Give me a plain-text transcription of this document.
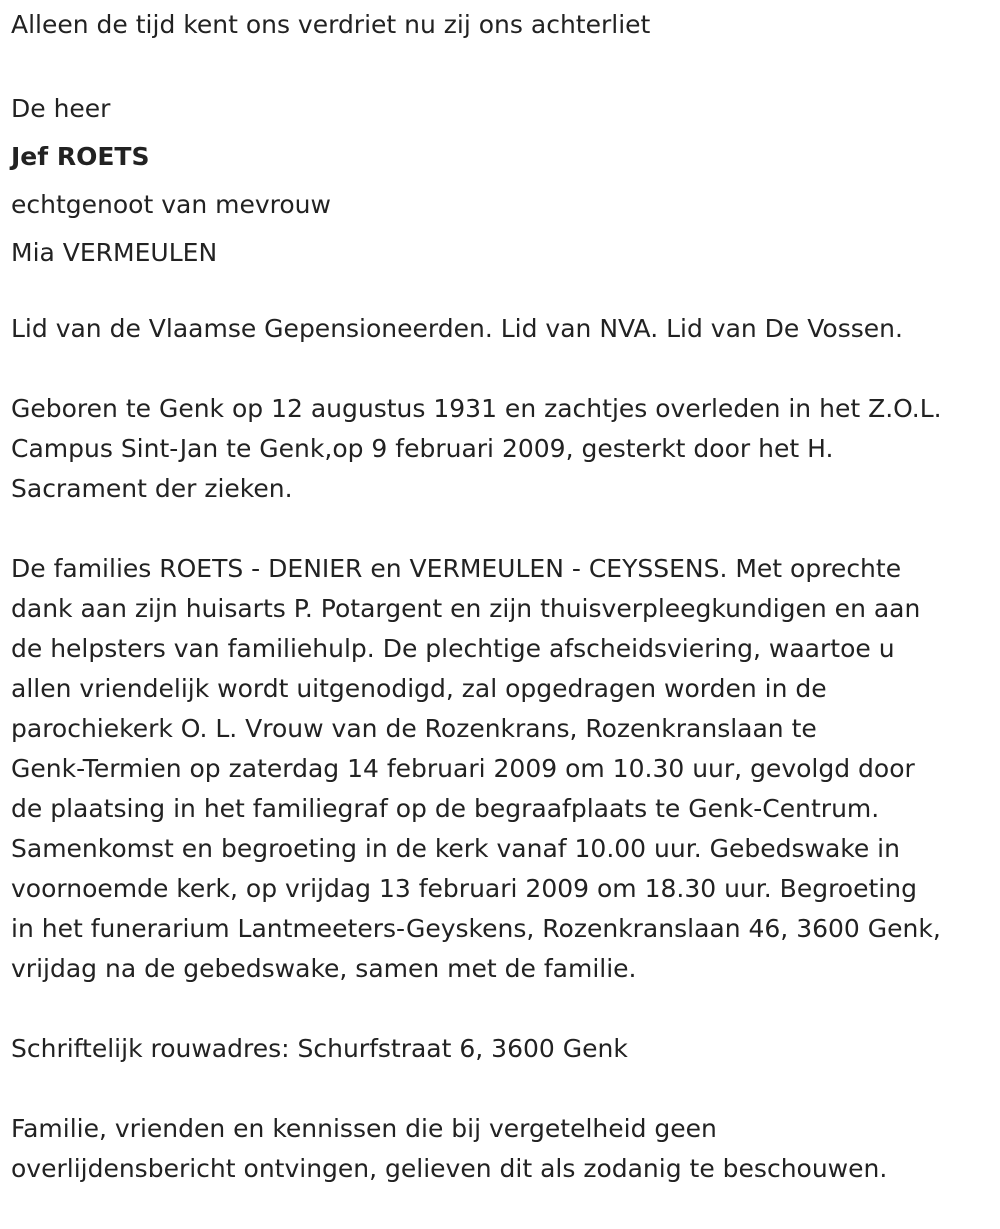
Alleen de tijd kent ons verdriet nu zij ons achterliet

De heer
Jef ROETS
echtgenoot van mevrouw
Mia VERMEULEN

Lid van de Vlaamse Gepensioneerden. Lid van NVA. Lid van De Vossen.

Geboren te Genk op 12 augustus 1931 en zachtjes overleden in het Z.O.L.
Campus Sint-Jan te Genk,op 9 februari 2009, gesterkt door het H.
Sacrament der zieken.

De families ROETS - DENIER en VERMEULEN - CEYSSENS. Met oprechte
dank aan zijn huisarts P. Potargent en zijn thuisverpleegkundigen en aan
de helpsters van familiehulp. De plechtige afscheidsviering, waartoe u
allen vriendelijk wordt uitgenodigd, zal opgedragen worden in de
parochiekerk O. L. Vrouw van de Rozenkrans, Rozenkranslaan te
Genk-Termien op zaterdag 14 februari 2009 om 10.30 uur, gevolgd door
de plaatsing in het familiegraf op de begraafplaats te Genk-Centrum.
Samenkomst en begroeting in de kerk vanaf 10.00 uur. Gebedswake in
voornoemde kerk, op vrijdag 13 februari 2009 om 18.30 uur. Begroeting
in het funerarium Lantmeeters-Geyskens, Rozenkranslaan 46, 3600 Genk,
vrijdag na de gebedswake, samen met de familie.

Schriftelijk rouwadres: Schurfstraat 6, 3600 Genk

Familie, vrienden en kennissen die bij vergetelheid geen
overlijdensbericht ontvingen, gelieven dit als zodanig te beschouwen.
